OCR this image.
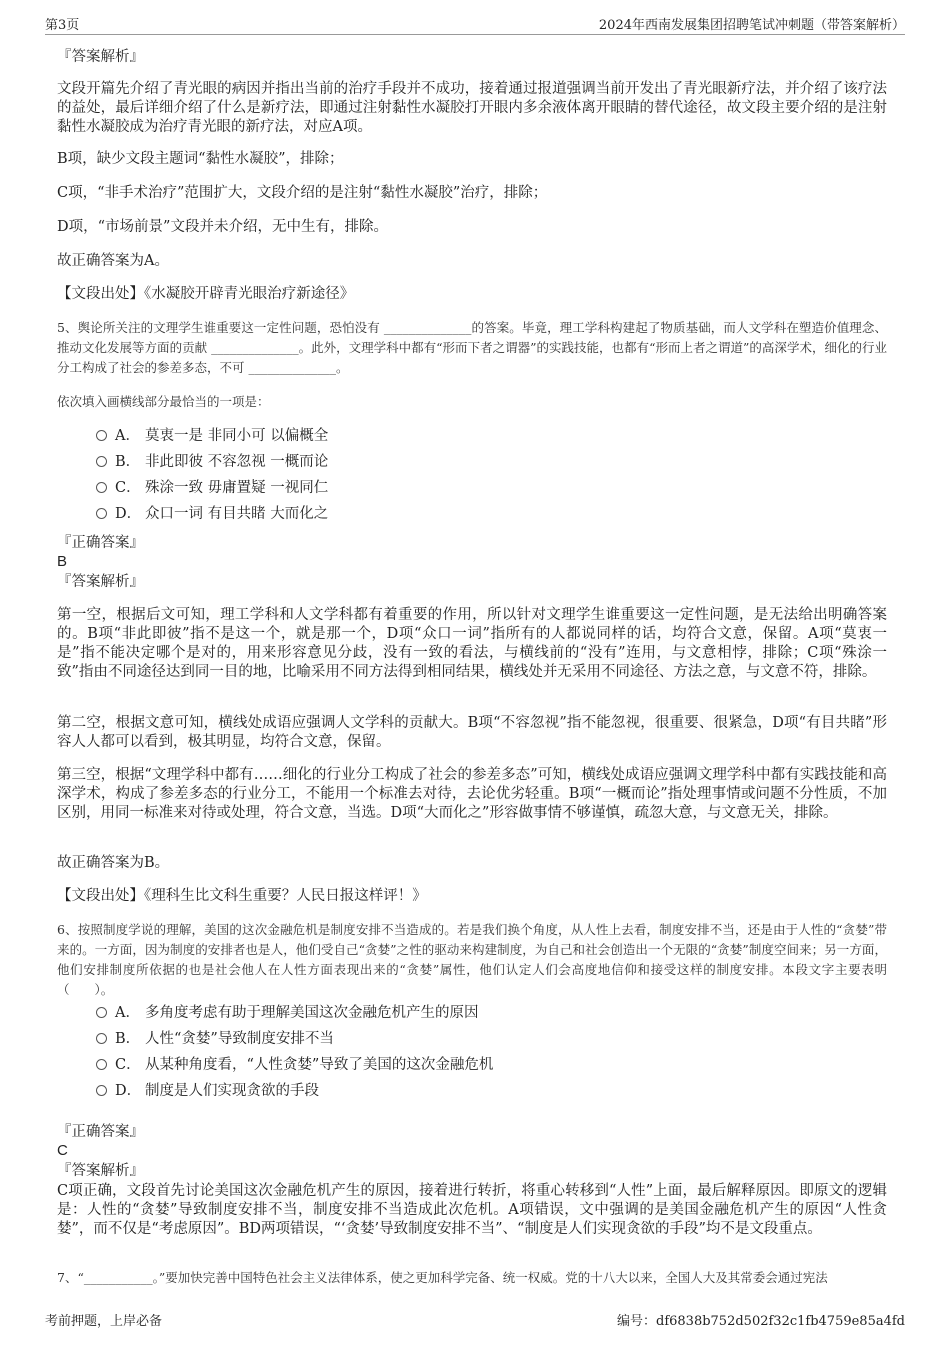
第3页	2024年西南发展集团招聘笔试冲刺题（带答案解析）
『答案解析』
文段开篇先介绍了青光眼的病因并指出当前的治疗手段并不成功，接着通过报道强调当前开发出了青光眼新疗法，并介绍了该疗法的益处，最后详细介绍了什么是新疗法，即通过注射黏性水凝胶打开眼内多余液体离开眼睛的替代途径，故文段主要介绍的是注射黏性水凝胶成为治疗青光眼的新疗法，对应A项。
B项，缺少文段主题词“黏性水凝胶”，排除；
C项，“非手术治疗”范围扩大，文段介绍的是注射“黏性水凝胶”治疗，排除；
D项，“市场前景”文段并未介绍，无中生有，排除。
故正确答案为A。
【文段出处】《水凝胶开辟青光眼治疗新途径》
5、舆论所关注的文理学生谁重要这一定性问题，恐怕没有 ______________的答案。毕竟，理工学科构建起了物质基础，而人文学科在塑造价值理念、推动文化发展等方面的贡献 ______________。此外，文理学科中都有“形而下者之谓器”的实践技能，也都有“形而上者之谓道”的高深学术，细化的行业分工构成了社会的参差多态，不可 ______________。
依次填入画横线部分最恰当的一项是：
A． 莫衷一是 非同小可 以偏概全
B． 非此即彼 不容忽视 一概而论
C． 殊涂一致 毋庸置疑 一视同仁
D． 众口一词 有目共睹 大而化之
『正确答案』
B
『答案解析』
第一空，根据后文可知，理工学科和人文学科都有着重要的作用，所以针对文理学生谁重要这一定性问题，是无法给出明确答案的。B项“非此即彼”指不是这一个，就是那一个，D项“众口一词”指所有的人都说同样的话，均符合文意，保留。A项“莫衷一是”指不能决定哪个是对的，用来形容意见分歧，没有一致的看法，与横线前的“没有”连用，与文意相悖，排除；C项“殊涂一致”指由不同途径达到同一目的地，比喻采用不同方法得到相同结果，横线处并无采用不同途径、方法之意，与文意不符，排除。
第二空，根据文意可知，横线处成语应强调人文学科的贡献大。B项“不容忽视”指不能忽视，很重要、很紧急，D项“有目共睹”形容人人都可以看到，极其明显，均符合文意，保留。
第三空，根据“文理学科中都有……细化的行业分工构成了社会的参差多态”可知，横线处成语应强调文理学科中都有实践技能和高深学术，构成了参差多态的行业分工，不能用一个标准去对待，去论优劣轻重。B项“一概而论”指处理事情或问题不分性质，不加区别，用同一标准来对待或处理，符合文意，当选。D项“大而化之”形容做事情不够谨慎，疏忽大意，与文意无关，排除。
故正确答案为B。
【文段出处】《理科生比文科生重要？人民日报这样评！》
6、按照制度学说的理解，美国的这次金融危机是制度安排不当造成的。若是我们换个角度，从人性上去看，制度安排不当，还是由于人性的“贪婪”带来的。一方面，因为制度的安排者也是人，他们受自己“贪婪”之性的驱动来构建制度，为自己和社会创造出一个无限的“贪婪”制度空间来；另一方面，他们安排制度所依据的也是社会他人在人性方面表现出来的“贪婪”属性，他们认定人们会高度地信仰和接受这样的制度安排。本段文字主要表明（　　）。
A． 多角度考虑有助于理解美国这次金融危机产生的原因
B． 人性“贪婪”导致制度安排不当
C． 从某种角度看，“人性贪婪”导致了美国的这次金融危机
D． 制度是人们实现贪欲的手段
『正确答案』
C
『答案解析』
C项正确，文段首先讨论美国这次金融危机产生的原因，接着进行转折，将重心转移到“人性”上面，最后解释原因。即原文的逻辑是：人性的“贪婪”导致制度安排不当，制度安排不当造成此次危机。A项错误，文中强调的是美国金融危机产生的原因“人性贪婪”，而不仅是“考虑原因”。BD两项错误，“‘贪婪’导致制度安排不当”、“制度是人们实现贪欲的手段”均不是文段重点。
7、“___________。”要加快完善中国特色社会主义法律体系，使之更加科学完备、统一权威。党的十八大以来，全国人大及其常委会通过宪法
考前押题，上岸必备	编号：df6838b752d502f32c1fb4759e85a4fd
